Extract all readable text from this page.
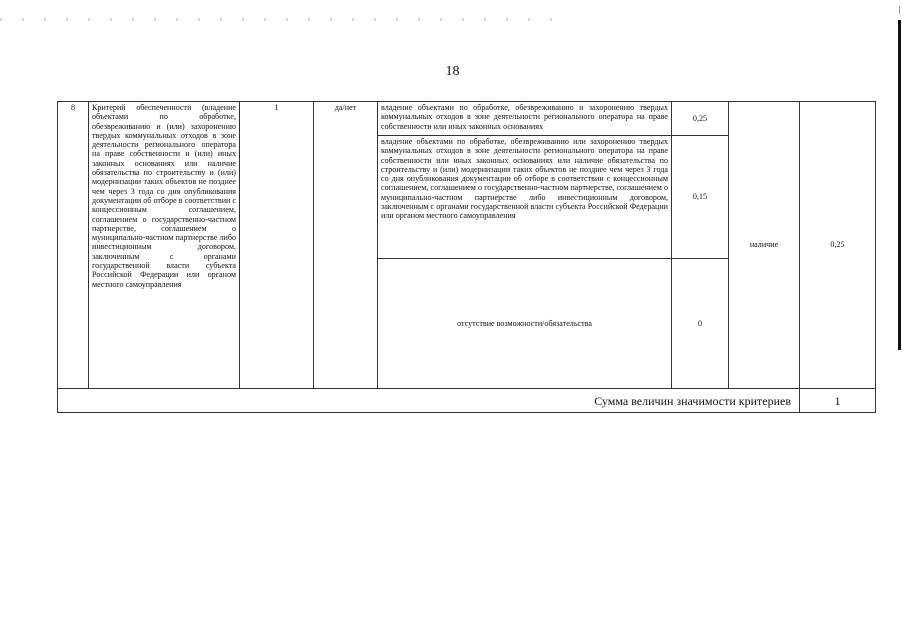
18
8	Критерий обеспеченности (владение объектами по обработке, обезвреживанию и (или) захоронению твердых коммунальных отходов в зоне деятельности регионального оператора на праве собственности и (или) иных законных основаниях или наличие обязательства по строительству и (или) модернизации таких объектов не позднее чем через 3 года со дня опубликования документации об отборе в соответствии с концессионным соглашением, соглашением о государственно-частном партнерстве, соглашением о муниципально-частном партнерстве либо инвестиционным договором, заключенным с органами государственной власти субъекта Российской Федерации или органом местного самоуправления	1	да/нет	владение объектами по обработке, обезвреживанию и захоронению твердых коммунальных отходов в зоне деятельности регионального оператора на праве собственности или иных законных основаниях	0,25	наличие	0,25
				владение объектами по обработке, обезвреживанию или захоронению твердых коммунальных отходов в зоне деятельности регионального оператора на праве собственности или иных законных основаниях или наличие обязательства по строительству и (или) модернизации таких объектов не позднее чем через 3 года со дня опубликования документации об отборе в соответствии с концессионным соглашением, соглашением о государственно-частном партнерстве, соглашением о муниципально-частном партнерстве либо инвестиционным договором, заключенным с органами государственной власти субъекта Российской Федерации или органом местного самоуправления	0,15		
				отсутствие возможности/обязательства	0		
Сумма величин значимости критериев							1
